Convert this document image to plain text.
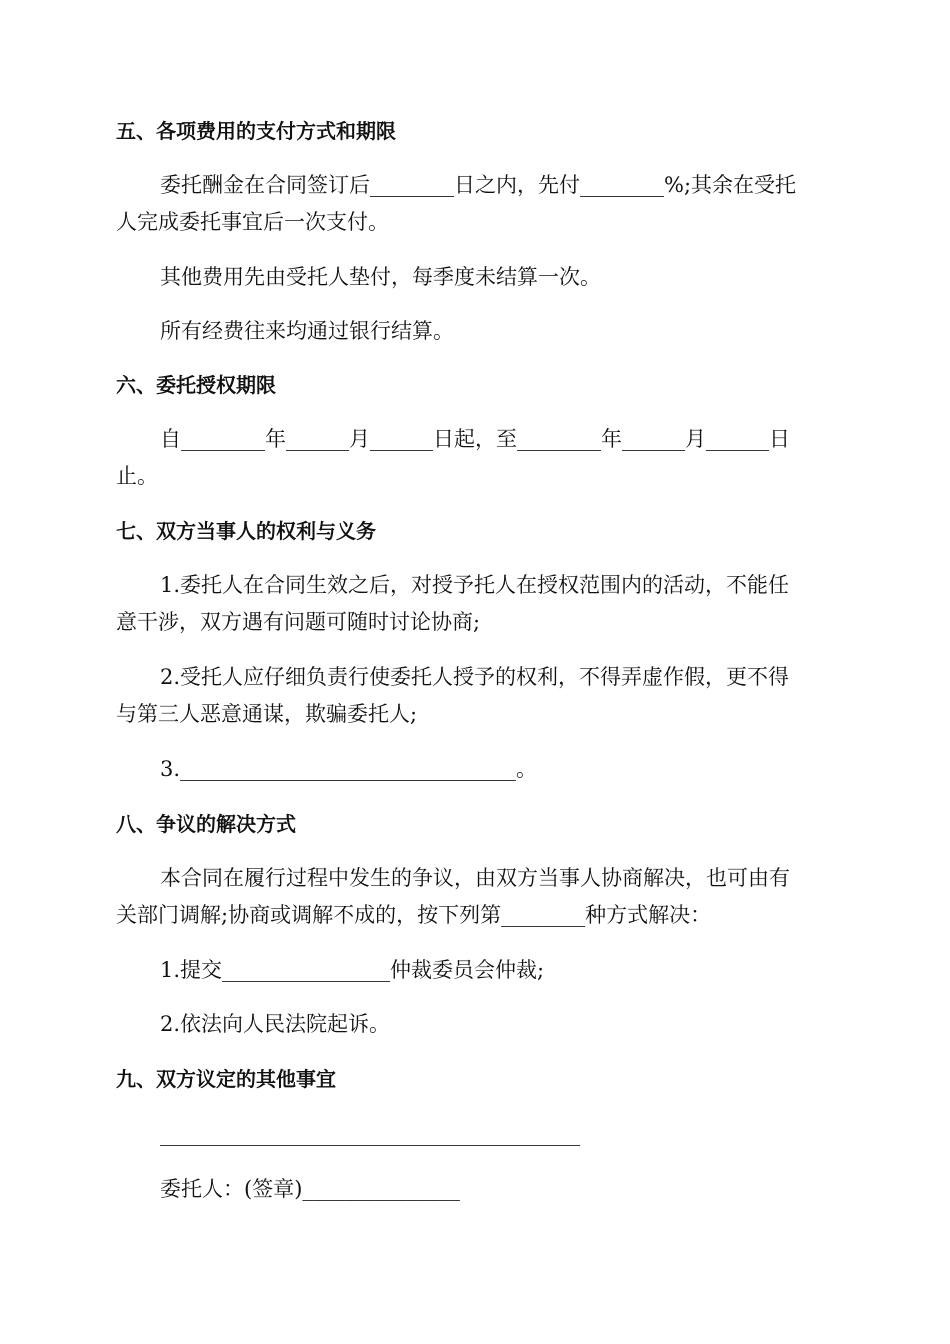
五、各项费用的支付方式和期限
委托酬金在合同签订后________日之内，先付________%;其余在受托
人完成委托事宜后一次支付。
其他费用先由受托人垫付，每季度未结算一次。
所有经费往来均通过银行结算。
六、委托授权期限
自________年______月______日起，至________年______月______日
止。
七、双方当事人的权利与义务
1.委托人在合同生效之后，对授予托人在授权范围内的活动，不能任
意干涉，双方遇有问题可随时讨论协商;
2.受托人应仔细负责行使委托人授予的权利，不得弄虚作假，更不得
与第三人恶意通谋，欺骗委托人;
3.________________________________。
八、争议的解决方式
本合同在履行过程中发生的争议，由双方当事人协商解决，也可由有
关部门调解;协商或调解不成的，按下列第________种方式解决：
1.提交________________仲裁委员会仲裁;
2.依法向人民法院起诉。
九、双方议定的其他事宜
________________________________________
委托人：(签章)_______________
